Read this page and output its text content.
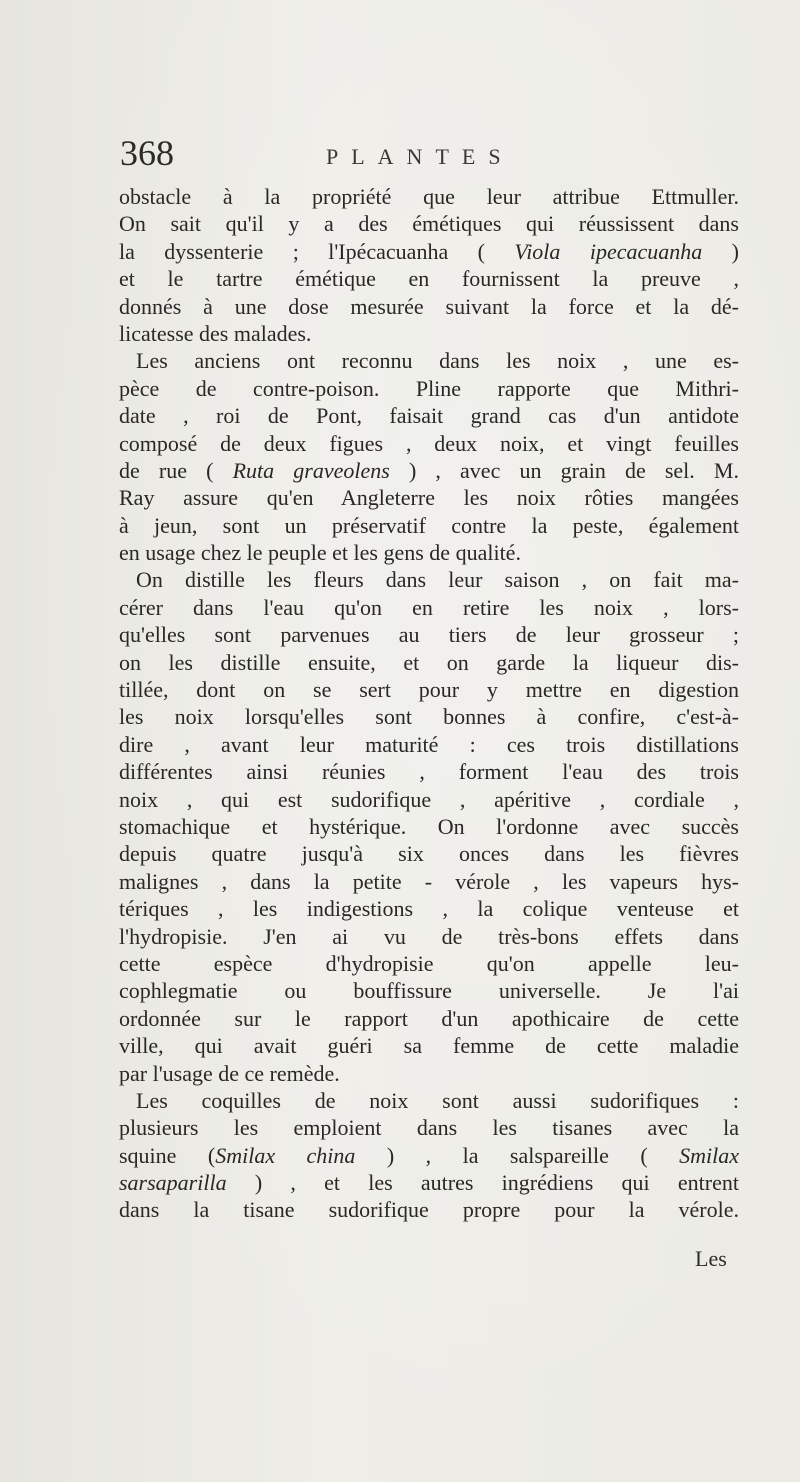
368	PLANTES
obstacle à la propriété que leur attribue Ettmuller.
On sait qu'il y a des émétiques qui réussissent dans
la dyssenterie ; l'Ipécacuanha ( Viola ipecacuanha )
et le tartre émétique en fournissent la preuve ,
donnés à une dose mesurée suivant la force et la dé-
licatesse des malades.
Les anciens ont reconnu dans les noix , une es-
pèce de contre-poison. Pline rapporte que Mithri-
date , roi de Pont, faisait grand cas d'un antidote
composé de deux figues , deux noix, et vingt feuilles
de rue ( Ruta graveolens ) , avec un grain de sel. M.
Ray assure qu'en Angleterre les noix rôties mangées
à jeun, sont un préservatif contre la peste, également
en usage chez le peuple et les gens de qualité.
On distille les fleurs dans leur saison , on fait ma-
cérer dans l'eau qu'on en retire les noix , lors-
qu'elles sont parvenues au tiers de leur grosseur ;
on les distille ensuite, et on garde la liqueur dis-
tillée, dont on se sert pour y mettre en digestion
les noix lorsqu'elles sont bonnes à confire, c'est-à-
dire , avant leur maturité : ces trois distillations
différentes ainsi réunies , forment l'eau des trois
noix , qui est sudorifique , apéritive , cordiale ,
stomachique et hystérique. On l'ordonne avec succès
depuis quatre jusqu'à six onces dans les fièvres
malignes , dans la petite - vérole , les vapeurs hys-
tériques , les indigestions , la colique venteuse et
l'hydropisie. J'en ai vu de très-bons effets dans
cette espèce d'hydropisie qu'on appelle leu-
cophlegmatie ou bouffissure universelle. Je l'ai
ordonnée sur le rapport d'un apothicaire de cette
ville, qui avait guéri sa femme de cette maladie
par l'usage de ce remède.
Les coquilles de noix sont aussi sudorifiques :
plusieurs les emploient dans les tisanes avec la
squine (Smilax china ) , la salspareille ( Smilax
sarsaparilla ) , et les autres ingrédiens qui entrent
dans la tisane sudorifique propre pour la vérole.
Les
